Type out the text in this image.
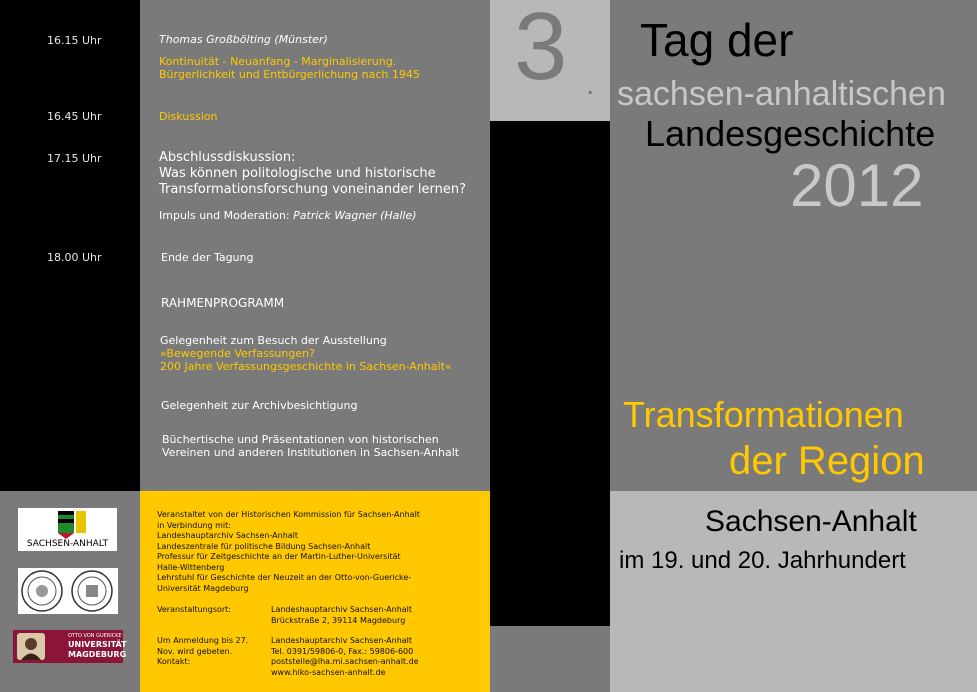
16.15 Uhr
16.45 Uhr
17.15 Uhr
18.00 Uhr
Thomas Großbölting (Münster)
Kontinuität - Neuanfang - Marginalisierung.
Bürgerlichkeit und Entbürgerlichung nach 1945
Diskussion
Abschlussdiskussion:
Was können politologische und historische
Transformationsforschung voneinander lernen?
Impuls und Moderation: Patrick Wagner (Halle)
Ende der Tagung
RAHMENPROGRAMM
Gelegenheit zum Besuch der Ausstellung
»Bewegende Verfassungen?
200 Jahre Verfassungsgeschichte in Sachsen-Anhalt«
Gelegenheit zur Archivbesichtigung
Büchertische und Präsentationen von historischen
Vereinen und anderen Institutionen in Sachsen-Anhalt
SACHSEN-ANHALT
OTTO VON GUERICKE
UNIVERSITÄT
MAGDEBURG
Veranstaltet von der Historischen Kommission für Sachsen-Anhalt
in Verbindung mit:
Landeshauptarchiv Sachsen-Anhalt
Landeszentrale für politische Bildung Sachsen-Anhalt
Professur für Zeitgeschichte an der Martin-Luther-Universität
Halle-Wittenberg
Lehrstuhl für Geschichte der Neuzeit an der Otto-von-Guericke-
Universität Magdeburg
Veranstaltungsort:	Landeshauptarchiv Sachsen-Anhalt
Brückstraße 2, 39114 Magdeburg
Um Anmeldung bis 27.
Nov. wird gebeten.
Kontakt:
Landeshauptarchiv Sachsen-Anhalt
Tel. 0391/59806-0, Fax.: 59806-600
poststelle@lha.mi.sachsen-anhalt.de
www.hiko-sachsen-anhalt.de
3 .
Tag der
sachsen-anhaltischen
Landesgeschichte
2012
Transformationen
der Region
Sachsen-Anhalt
im 19. und 20. Jahrhundert
